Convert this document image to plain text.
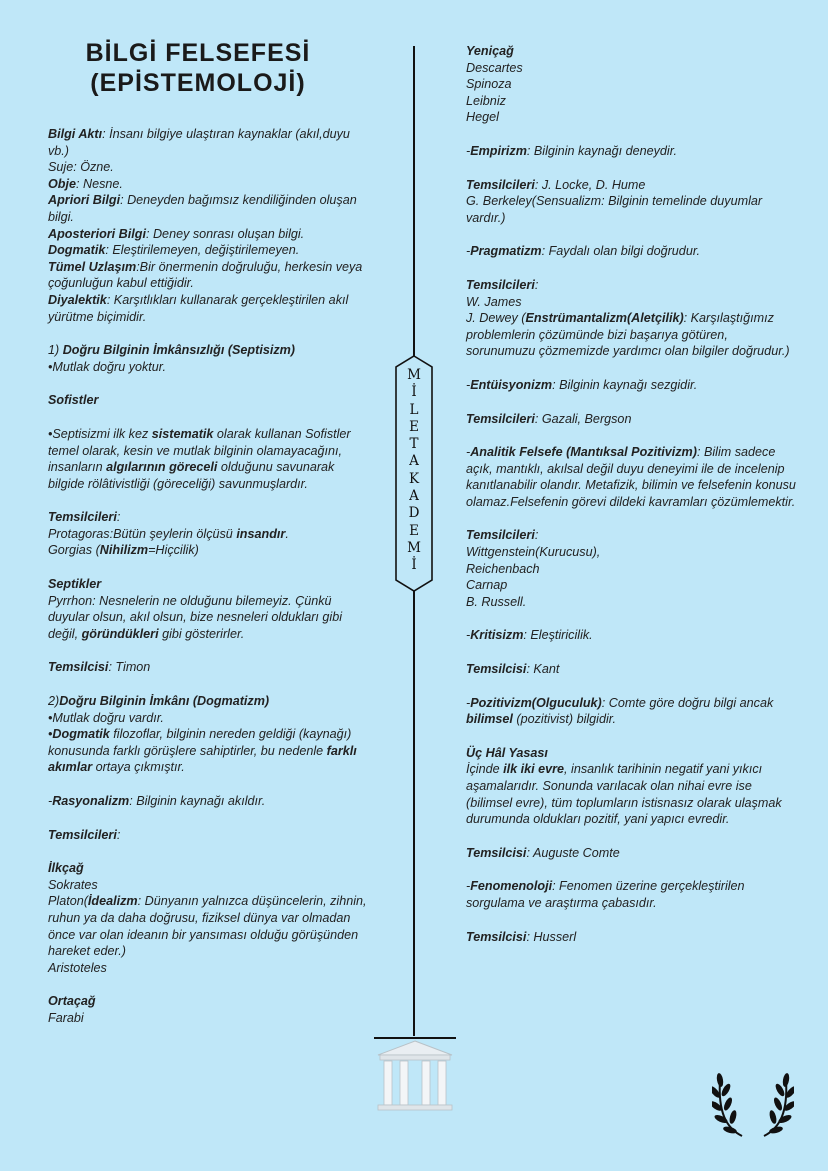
BİLGİ FELSEFESİ
(EPİSTEMOLOJİ)

Bilgi Aktı: İnsanı bilgiye ulaştıran kaynaklar (akıl,duyu vb.)

Suje: Özne.

Obje: Nesne.

Apriori Bilgi: Deneyden bağımsız kendiliğinden oluşan bilgi.

Aposteriori Bilgi: Deney sonrası oluşan bilgi.

Dogmatik: Eleştirilemeyen, değiştirilemeyen.

Tümel Uzlaşım:Bir önermenin doğruluğu, herkesin veya çoğunluğun kabul ettiğidir.

Diyalektik: Karşıtlıkları kullanarak gerçekleştirilen akıl yürütme biçimidir.

1) Doğru Bilginin İmkânsızlığı (Septisizm)

•Mutlak doğru yoktur.

Sofistler

•Septisizmi ilk kez sistematik olarak kullanan Sofistler temel olarak, kesin ve mutlak bilginin olamayacağını, insanların algılarının göreceli olduğunu savunarak bilgide rölâtivistliği (göreceliği) savunmuşlardır.

Temsilcileri:

Protagoras:Bütün şeylerin ölçüsü insandır.

Gorgias (Nihilizm=Hiçcilik)

Septikler

Pyrrhon: Nesnelerin ne olduğunu bilemeyiz. Çünkü duyular olsun, akıl olsun, bize nesneleri oldukları gibi değil, göründükleri gibi gösterirler.

Temsilcisi: Timon

2)Doğru Bilginin İmkânı (Dogmatizm)

•Mutlak doğru vardır.

•Dogmatik filozoflar, bilginin nereden geldiği (kaynağı) konusunda farklı görüşlere sahiptirler, bu nedenle farklı akımlar ortaya çıkmıştır.

-Rasyonalizm: Bilginin kaynağı akıldır.

Temsilcileri:

İlkçağ

Sokrates

Platon(İdealizm: Dünyanın yalnızca düşüncelerin, zihnin, ruhun ya da daha doğrusu, fiziksel dünya var olmadan önce var olan ideanın bir yansıması olduğu görüşünden hareket eder.)

Aristoteles

Ortaçağ

Farabi

M
İ
L
E
T
A
K
A
D
E
M
İ

Yeniçağ

Descartes

Spinoza

Leibniz

Hegel

-Empirizm: Bilginin kaynağı deneydir.

Temsilcileri: J. Locke, D. Hume

G. Berkeley(Sensualizm: Bilginin temelinde duyumlar vardır.)

-Pragmatizm: Faydalı olan bilgi doğrudur.

Temsilcileri:

W. James

J. Dewey (Enstrümantalizm(Aletçilik): Karşılaştığımız problemlerin çözümünde bizi başarıya götüren, sorunumuzu çözmemizde yardımcı olan bilgiler doğrudur.)

-Entüisyonizm: Bilginin kaynağı sezgidir.

Temsilcileri: Gazali, Bergson

-Analitik Felsefe (Mantıksal Pozitivizm): Bilim sadece açık, mantıklı, akılsal değil duyu deneyimi ile de incelenip kanıtlanabilir olandır. Metafizik, bilimin ve felsefenin konusu olamaz.Felsefenin görevi dildeki kavramları çözümlemektir.

Temsilcileri:

Wittgenstein(Kurucusu),

Reichenbach

Carnap

B. Russell.

-Kritisizm: Eleştiricilik.

Temsilcisi: Kant

-Pozitivizm(Olguculuk): Comte göre doğru bilgi ancak bilimsel (pozitivist) bilgidir.

Üç Hâl Yasası

İçinde ilk iki evre, insanlık tarihinin negatif yani yıkıcı aşamalarıdır. Sonunda varılacak olan nihai evre ise (bilimsel evre), tüm toplumların istisnasız olarak ulaşmak durumunda oldukları pozitif, yani yapıcı evredir.

Temsilcisi: Auguste Comte

-Fenomenoloji: Fenomen üzerine gerçekleştirilen sorgulama ve araştırma çabasıdır.

Temsilcisi: Husserl
